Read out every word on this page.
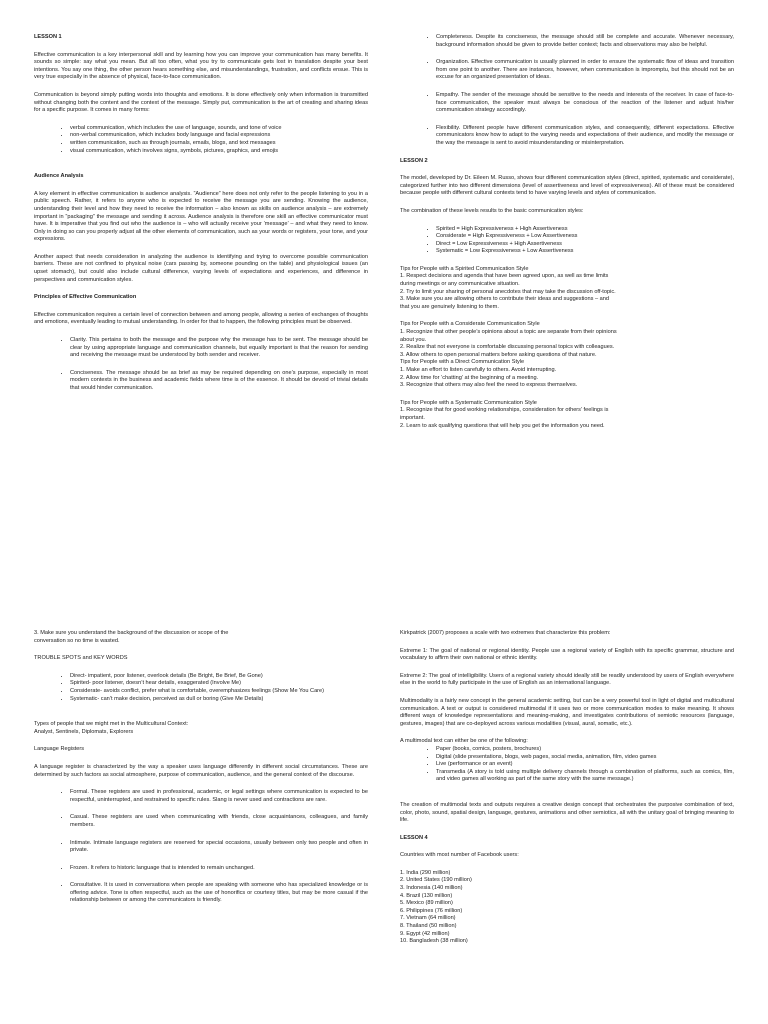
LESSON 1

Effective communication is a key interpersonal skill and by learning how you can improve your communication has many benefits. It sounds so simple: say what you mean. But all too often, what you try to communicate gets lost in translation despite your best intentions. You say one thing, the other person hears something else, and misunderstandings, frustration, and conflicts ensue. This is very true especially in the absence of physical, face-to-face communication.

Communication is beyond simply putting words into thoughts and emotions. It is done effectively only when information is transmitted without changing both the content and the context of the message. Simply put, communication is the art of creating and sharing ideas for a specific purpose. It comes in many forms:

• verbal communication, which includes the use of language, sounds, and tone of voice
• non-verbal communication, which includes body language and facial expressions
• written communication, such as through journals, emails, blogs, and text messages
• visual communication, which involves signs, symbols, pictures, graphics, and emojis
Audience Analysis

A key element in effective communication is audience analysis. “Audience” here does not only refer to the people listening to you in a public speech. Rather, it refers to anyone who is expected to receive the message you are sending. Knowing the audience, understanding their level and how they need to receive the information – also known as skills on audience analysis – are extremely important in “packaging” the message and sending it across. Audience analysis is therefore one skill an effective communicator must have. It is imperative that you find out who the audience is – who will actually receive your ‘message’ – and what they need to know. Only in doing so can you properly adjust all the other elements of communication, such as your words or registers, your tone, and your expressions.

Another aspect that needs consideration in analyzing the audience is identifying and trying to overcome possible communication barriers. These are not confined to physical noise (cars passing by, someone pounding on the table) and physiological issues (an upset stomach), but could also include cultural difference, varying levels of expectations and experiences, and difference in perspectives and communication styles.

Principles of Effective Communication

Effective communication requires a certain level of connection between and among people, allowing a series of exchanges of thoughts and emotions, eventually leading to mutual understanding. In order for that to happen, the following principles must be observed.

• Clarity. This pertains to both the message and the purpose why the message has to be sent. The message should be clear by using appropriate language and communication channels, but equally important is that the reason for sending and receiving the message must be understood by both sender and receiver.
• Conciseness. The message should be as brief as may be required depending on one’s purpose, especially in most modern contexts in the business and academic fields where time is of the essence. It should be devoid of trivial details that would hinder communication.
• Completeness. Despite its conciseness, the message should still be complete and accurate. Whenever necessary, background information should be given to provide better context; facts and observations may also be helpful.
• Organization. Effective communication is usually planned in order to ensure the systematic flow of ideas and transition from one point to another. There are instances, however, when communication is impromptu, but this should not be an excuse for an organized presentation of ideas.
• Empathy. The sender of the message should be sensitive to the needs and interests of the receiver. In case of face-to-face communication, the speaker must always be conscious of the reaction of the listener and adjust his/her communication strategy accordingly.
• Flexibility. Different people have different communication styles, and consequently, different expectations. Effective communicators know how to adapt to the varying needs and expectations of their audience, and modify the message or the way the message is sent to avoid misunderstanding or misinterpretation.
LESSON 2

The model, developed by Dr. Eileen M. Russo, shows four different communication styles (direct, spirited, systematic and considerate), categorized further into two different dimensions (level of assertiveness and level of expressiveness). All of these must be considered because people with different cultural contexts tend to have varying levels and styles of communication.

The combination of these levels results to the basic communication styles:

• Spirited = High Expressiveness + High Assertiveness
• Considerate = High Expressiveness + Low Assertiveness
• Direct = Low Expressiveness + High Assertiveness
• Systematic = Low Expressiveness + Low Assertiveness

Tips for People with a Spirited Communication Style
1. Respect decisions and agenda that have been agreed upon, as well as time limits
during meetings or any communicative situation.
2. Try to limit your sharing of personal anecdotes that may take the discussion off-topic.
3. Make sure you are allowing others to contribute their ideas and suggestions – and
that you are genuinely listening to them.

Tips for People with a Considerate Communication Style
1. Recognize that other people’s opinions about a topic are separate from their opinions
about you.
2. Realize that not everyone is comfortable discussing personal topics with colleagues.
3. Allow others to open personal matters before asking questions of that nature.
Tips for People with a Direct Communication Style
1. Make an effort to listen carefully to others. Avoid interrupting.
2. Allow time for ‘chatting’ at the beginning of a meeting.
3. Recognize that others may also feel the need to express themselves.

Tips for People with a Systematic Communication Style
1. Recognize that for good working relationships, consideration for others’ feelings is
important.
2. Learn to ask qualifying questions that will help you get the information you need.

3. Make sure you understand the background of the discussion or scope of the
conversation so no time is wasted.

TROUBLE SPOTS and KEY WORDS
• Direct- impatient, poor listener, overlook details (Be Bright, Be Brief, Be Gone)
• Spirited- poor listener, doesn’t hear details, exaggerated (Involve Me)
• Considerate- avoids conflict, prefer what is comfortable, overemphasizes feelings (Show Me You Care)
• Systematic- can’t make decision, perceived as dull or boring (Give Me Details)

Types of people that we might met in the Multicultural Context:
Analyst, Sentinels, Diplomats, Explorers

Language Registers

A language register is characterized by the way a speaker uses language differently in different social circumstances. These are determined by such factors as social atmosphere, purpose of communication, audience, and the general context of the discourse.

• Formal. These registers are used in professional, academic, or legal settings where communication is expected to be respectful, uninterrupted, and restrained to specific rules. Slang is never used and contractions are rare.
• Casual. These registers are used when communicating with friends, close acquaintances, colleagues, and family members.
• Intimate. Intimate language registers are reserved for special occasions, usually between only two people and often in private.
• Frozen. It refers to historic language that is intended to remain unchanged.
• Consultative. It is used in conversations when people are speaking with someone who has specialized knowledge or is offering advice. Tone is often respectful, such as the use of honorifics or courtesy titles, but may be more casual if the relationship between or among the communicators is friendly.

Kirkpatrick (2007) proposes a scale with two extremes that characterize this problem:

Extreme 1: The goal of national or regional identity. People use a regional variety of English with its specific grammar, structure and vocabulary to affirm their own national or ethnic identity.

Extreme 2: The goal of intelligibility. Users of a regional variety should ideally still be readily understood by users of English everywhere else in the world to fully participate in the use of English as an international language.

Multimodality is a fairly new concept in the general academic setting, but can be a very powerful tool in light of digital and multicultural communication. A text or output is considered multimodal if it uses two or more communication modes to make meaning. It shows different ways of knowledge representations and meaning-making, and investigates contributions of semiotic resources (language, gestures, images) that are co-deployed across various modalities (visual, aural, somatic, etc.).

A multimodal text can either be one of the following:

• Paper (books, comics, posters, brochures)
• Digital (slide presentations, blogs, web pages, social media, animation, film, video games
• Live (performance or an event)
• Transmedia (A story is told using multiple delivery channels through a combination of platforms, such as comics, film, and video games all working as part of the same story with the same message.)

The creation of multimodal texts and outputs requires a creative design concept that orchestrates the purposive combination of text, color, photo, sound, spatial design, language, gestures, animations and other semiotics, all with the unitary goal of bringing meaning to life.

LESSON 4

Countries with most number of Facebook users:

1. India (290 million)
2. United States (190 million)
3. Indonesia (140 million)
4. Brazil (130 million)
5. Mexico (89 million)
6. Philippines (76 million)
7. Vietnam (64 million)
8. Thailand (50 million)
9. Egypt (42 million)
10. Bangladesh (38 million)
